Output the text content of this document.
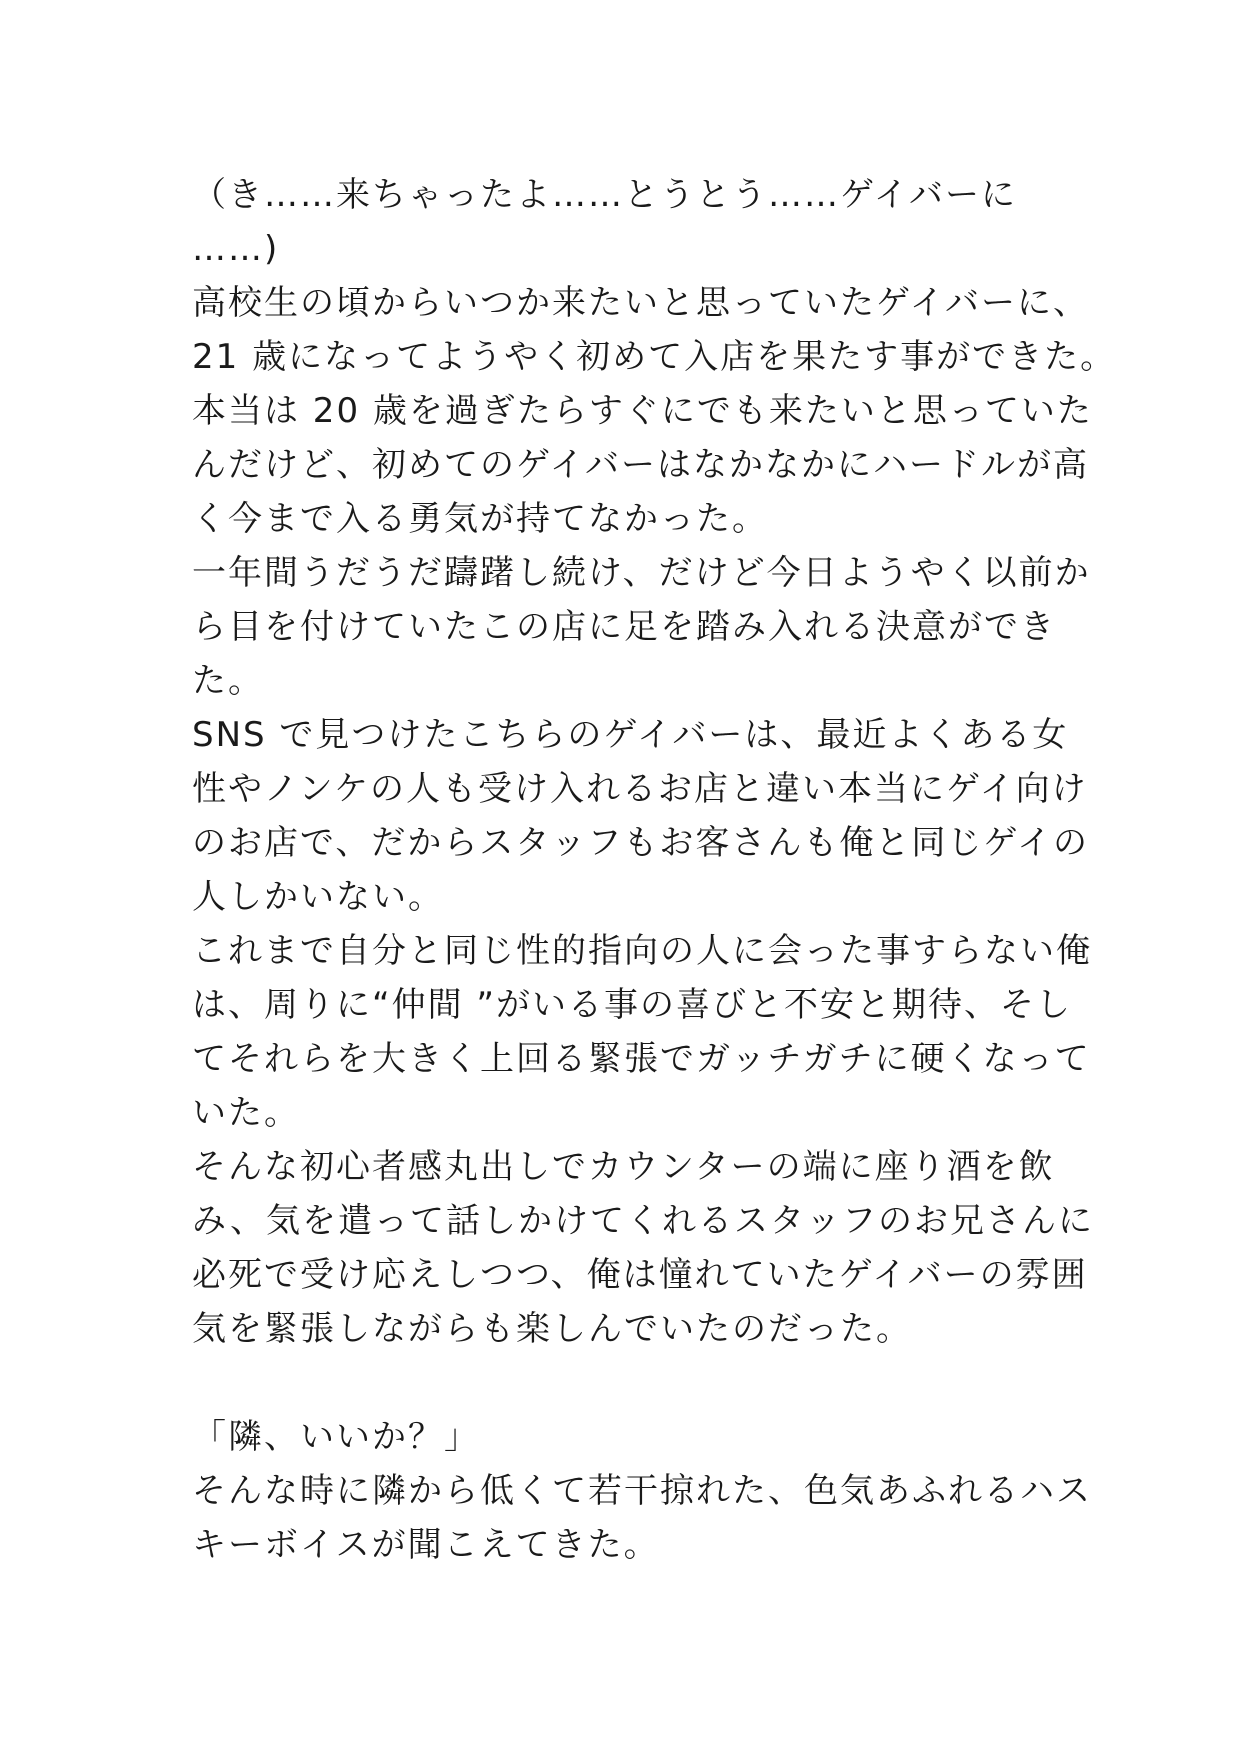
（き……来ちゃったよ……とうとう……ゲイバーに
……)
高校生の頃からいつか来たいと思っていたゲイバーに、
21 歳になってようやく初めて入店を果たす事ができた。
本当は 20 歳を過ぎたらすぐにでも来たいと思っていた
んだけど、初めてのゲイバーはなかなかにハードルが高
く今まで入る勇気が持てなかった。
一年間うだうだ躊躇し続け、だけど今日ようやく以前か
ら目を付けていたこの店に足を踏み入れる決意ができ
た。
SNS で見つけたこちらのゲイバーは、最近よくある女
性やノンケの人も受け入れるお店と違い本当にゲイ向け
のお店で、だからスタッフもお客さんも俺と同じゲイの
人しかいない。
これまで自分と同じ性的指向の人に会った事すらない俺
は、周りに“仲間 ”がいる事の喜びと不安と期待、そし
てそれらを大きく上回る緊張でガッチガチに硬くなって
いた。
そんな初心者感丸出しでカウンターの端に座り酒を飲
み、気を遣って話しかけてくれるスタッフのお兄さんに
必死で受け応えしつつ、俺は憧れていたゲイバーの雰囲
気を緊張しながらも楽しんでいたのだった。
「隣、いいか？」
そんな時に隣から低くて若干掠れた、色気あふれるハス
キーボイスが聞こえてきた。
